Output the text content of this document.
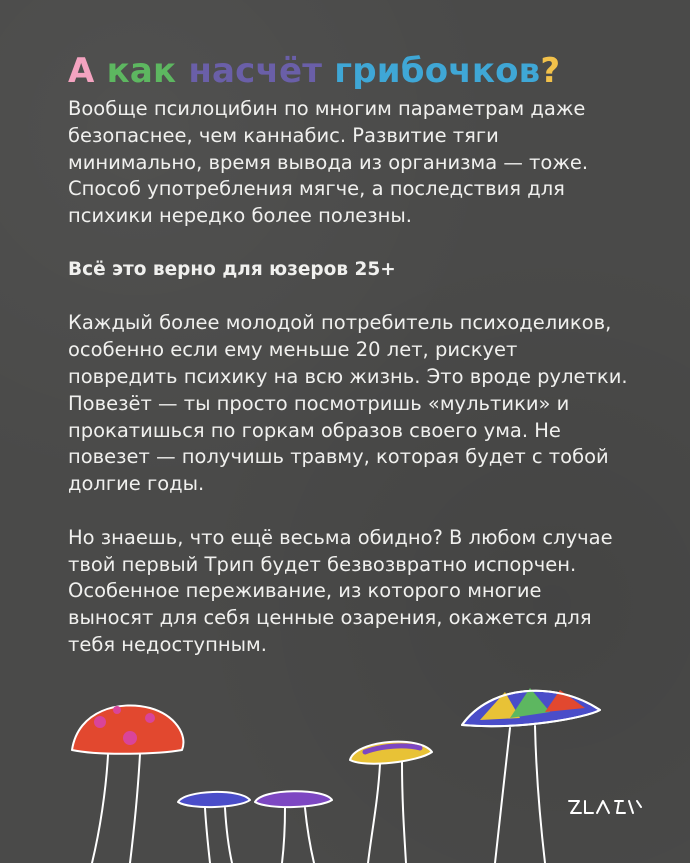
А как насчёт грибочков?

Вообще псилоцибин по многим параметрам даже безопаснее, чем каннабис. Развитие тяги минимально, время вывода из организма — тоже. Способ употребления мягче, а последствия для психики нередко более полезны.

Всё это верно для юзеров 25+

Каждый более молодой потребитель психоделиков, особенно если ему меньше 20 лет, рискует повредить психику на всю жизнь. Это вроде рулетки. Повезёт — ты просто посмотришь «мультики» и прокатишься по горкам образов своего ума. Не повезет — получишь травму, которая будет с тобой долгие годы.

Но знаешь, что ещё весьма обидно? В любом случае твой первый Трип будет безвозвратно испорчен. Особенное переживание, из которого многие выносят для себя ценные озарения, окажется для тебя недоступным.
